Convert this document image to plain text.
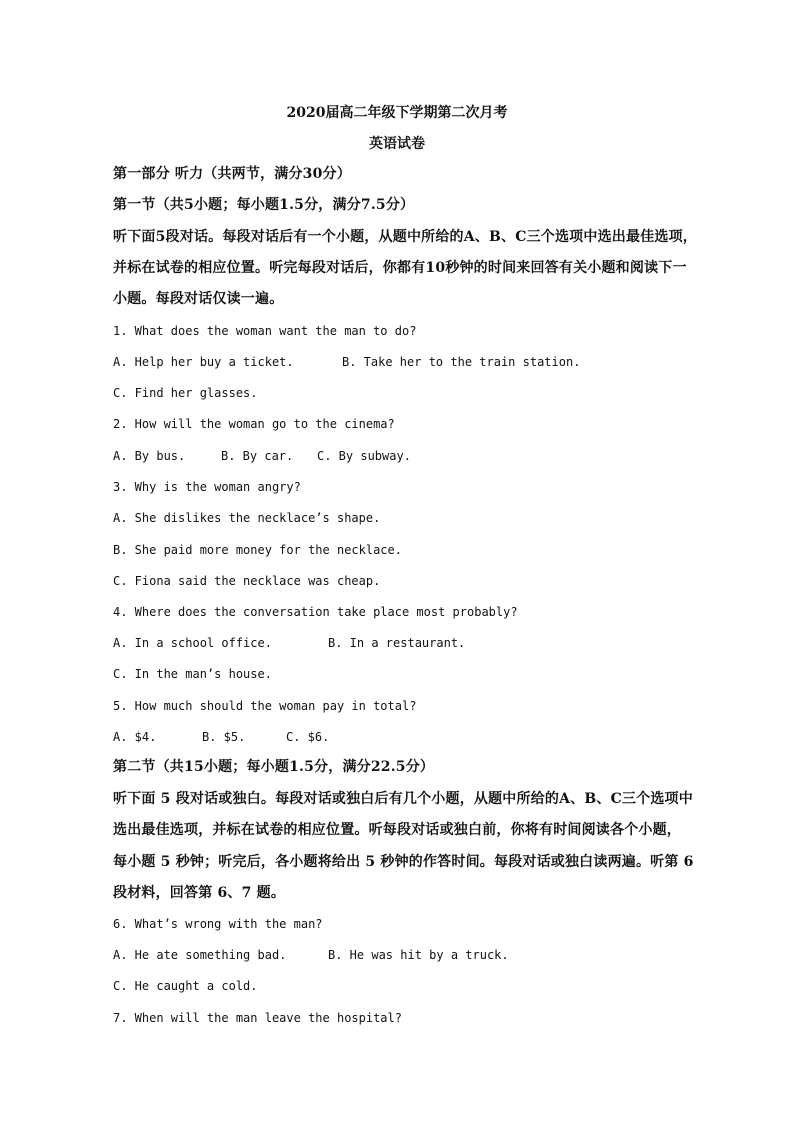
2020届高二年级下学期第二次月考
英语试卷
第一部分 听力（共两节，满分30分）
第一节（共5小题；每小题1.5分，满分7.5分）
听下面5段对话。每段对话后有一个小题，从题中所给的A、B、C三个选项中选出最佳选项，
并标在试卷的相应位置。听完每段对话后，你都有10秒钟的时间来回答有关小题和阅读下一
小题。每段对话仅读一遍。
1. What does the woman want the man to do?
A. Help her buy a ticket.	B. Take her to the train station.
C. Find her glasses.
2. How will the woman go to the cinema?
A. By bus.	B. By car. C. By subway.
3. Why is the woman angry?
A. She dislikes the necklace’s shape.
B. She paid more money for the necklace.
C. Fiona said the necklace was cheap.
4. Where does the conversation take place most probably?
A. In a school office.	B. In a restaurant.
C. In the man’s house.
5. How much should the woman pay in total?
A. $4.	B. $5.	C. $6.
第二节（共15小题；每小题1.5分，满分22.5分）
听下面 5 段对话或独白。每段对话或独白后有几个小题，从题中所给的A、B、C三个选项中
选出最佳选项，并标在试卷的相应位置。听每段对话或独白前，你将有时间阅读各个小题，
每小题 5 秒钟；听完后，各小题将给出 5 秒钟的作答时间。每段对话或独白读两遍。听第 6
段材料，回答第 6、7 题。
6. What’s wrong with the man?
A. He ate something bad.	B. He was hit by a truck.
C. He caught a cold.
7. When will the man leave the hospital?
